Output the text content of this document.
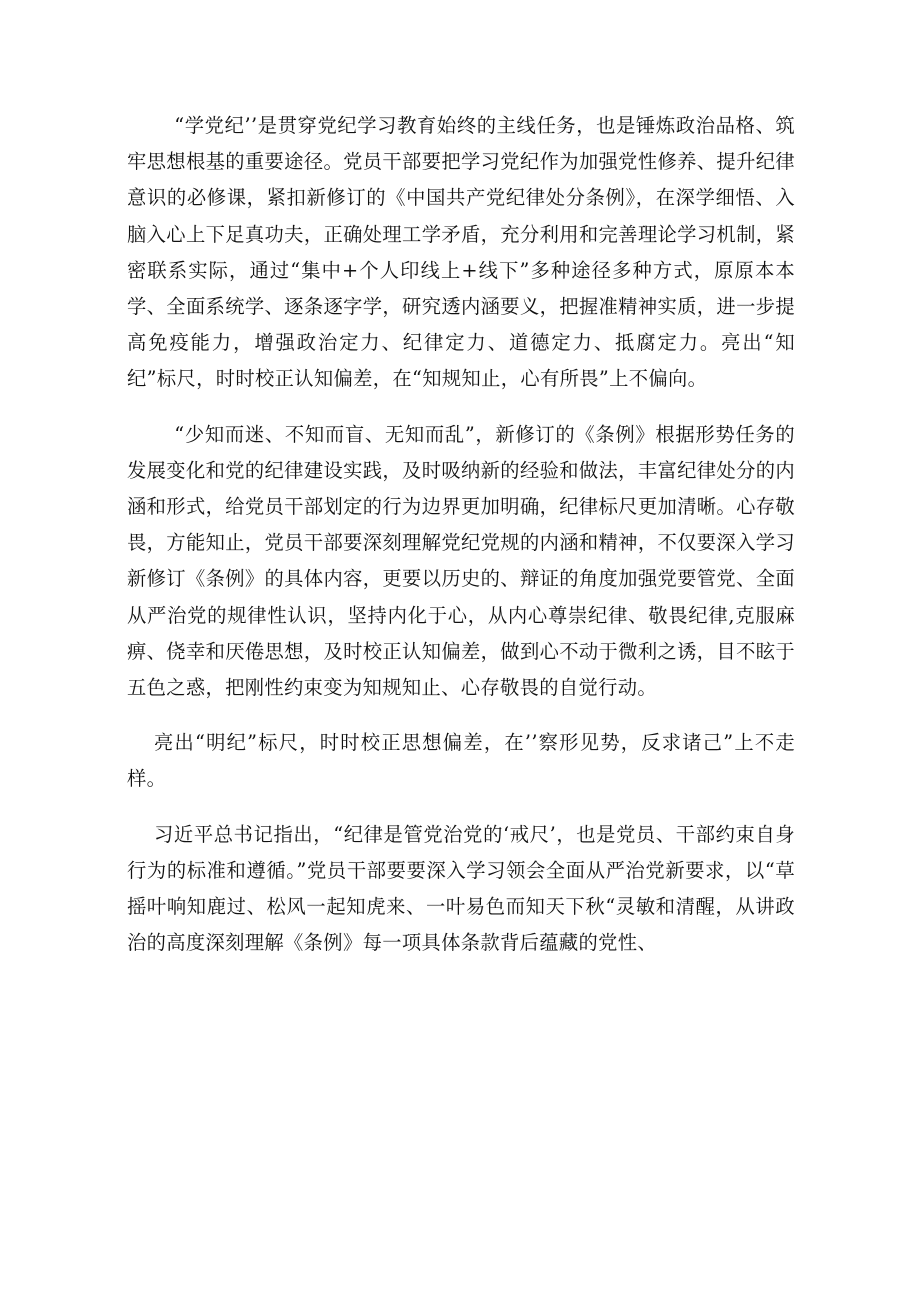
“学党纪’’是贯穿党纪学习教育始终的主线任务，也是锤炼政治品格、筑牢思想根基的重要途径。党员干部要把学习党纪作为加强党性修养、提升纪律意识的必修课，紧扣新修订的《中国共产党纪律处分条例》，在深学细悟、入脑入心上下足真功夫，正确处理工学矛盾，充分利用和完善理论学习机制，紧密联系实际，通过“集中+个人印线上+线下”多种途径多种方式，原原本本学、全面系统学、逐条逐字学，研究透内涵要义，把握准精神实质，进一步提高免疫能力，增强政治定力、纪律定力、道德定力、抵腐定力。亮出“知纪”标尺，时时校正认知偏差，在“知规知止，心有所畏”上不偏向。

“少知而迷、不知而盲、无知而乱”，新修订的《条例》根据形势任务的发展变化和党的纪律建设实践，及时吸纳新的经验和做法，丰富纪律处分的内涵和形式，给党员干部划定的行为边界更加明确，纪律标尺更加清晰。心存敬畏，方能知止，党员干部要深刻理解党纪党规的内涵和精神，不仅要深入学习新修订《条例》的具体内容，更要以历史的、辩证的角度加强党要管党、全面从严治党的规律性认识，坚持内化于心，从内心尊崇纪律、敬畏纪律,克服麻痹、侥幸和厌倦思想，及时校正认知偏差，做到心不动于微利之诱，目不眩于五色之惑，把刚性约束变为知规知止、心存敬畏的自觉行动。

亮出“明纪”标尺，时时校正思想偏差，在’’察形见势，反求诸己”上不走样。

习近平总书记指出，“纪律是管党治党的‘戒尺’，也是党员、干部约束自身行为的标准和遵循。”党员干部要要深入学习领会全面从严治党新要求，以“草摇叶响知鹿过、松风一起知虎来、一叶易色而知天下秋“灵敏和清醒，从讲政治的高度深刻理解《条例》每一项具体条款背后蕴藏的党性、
